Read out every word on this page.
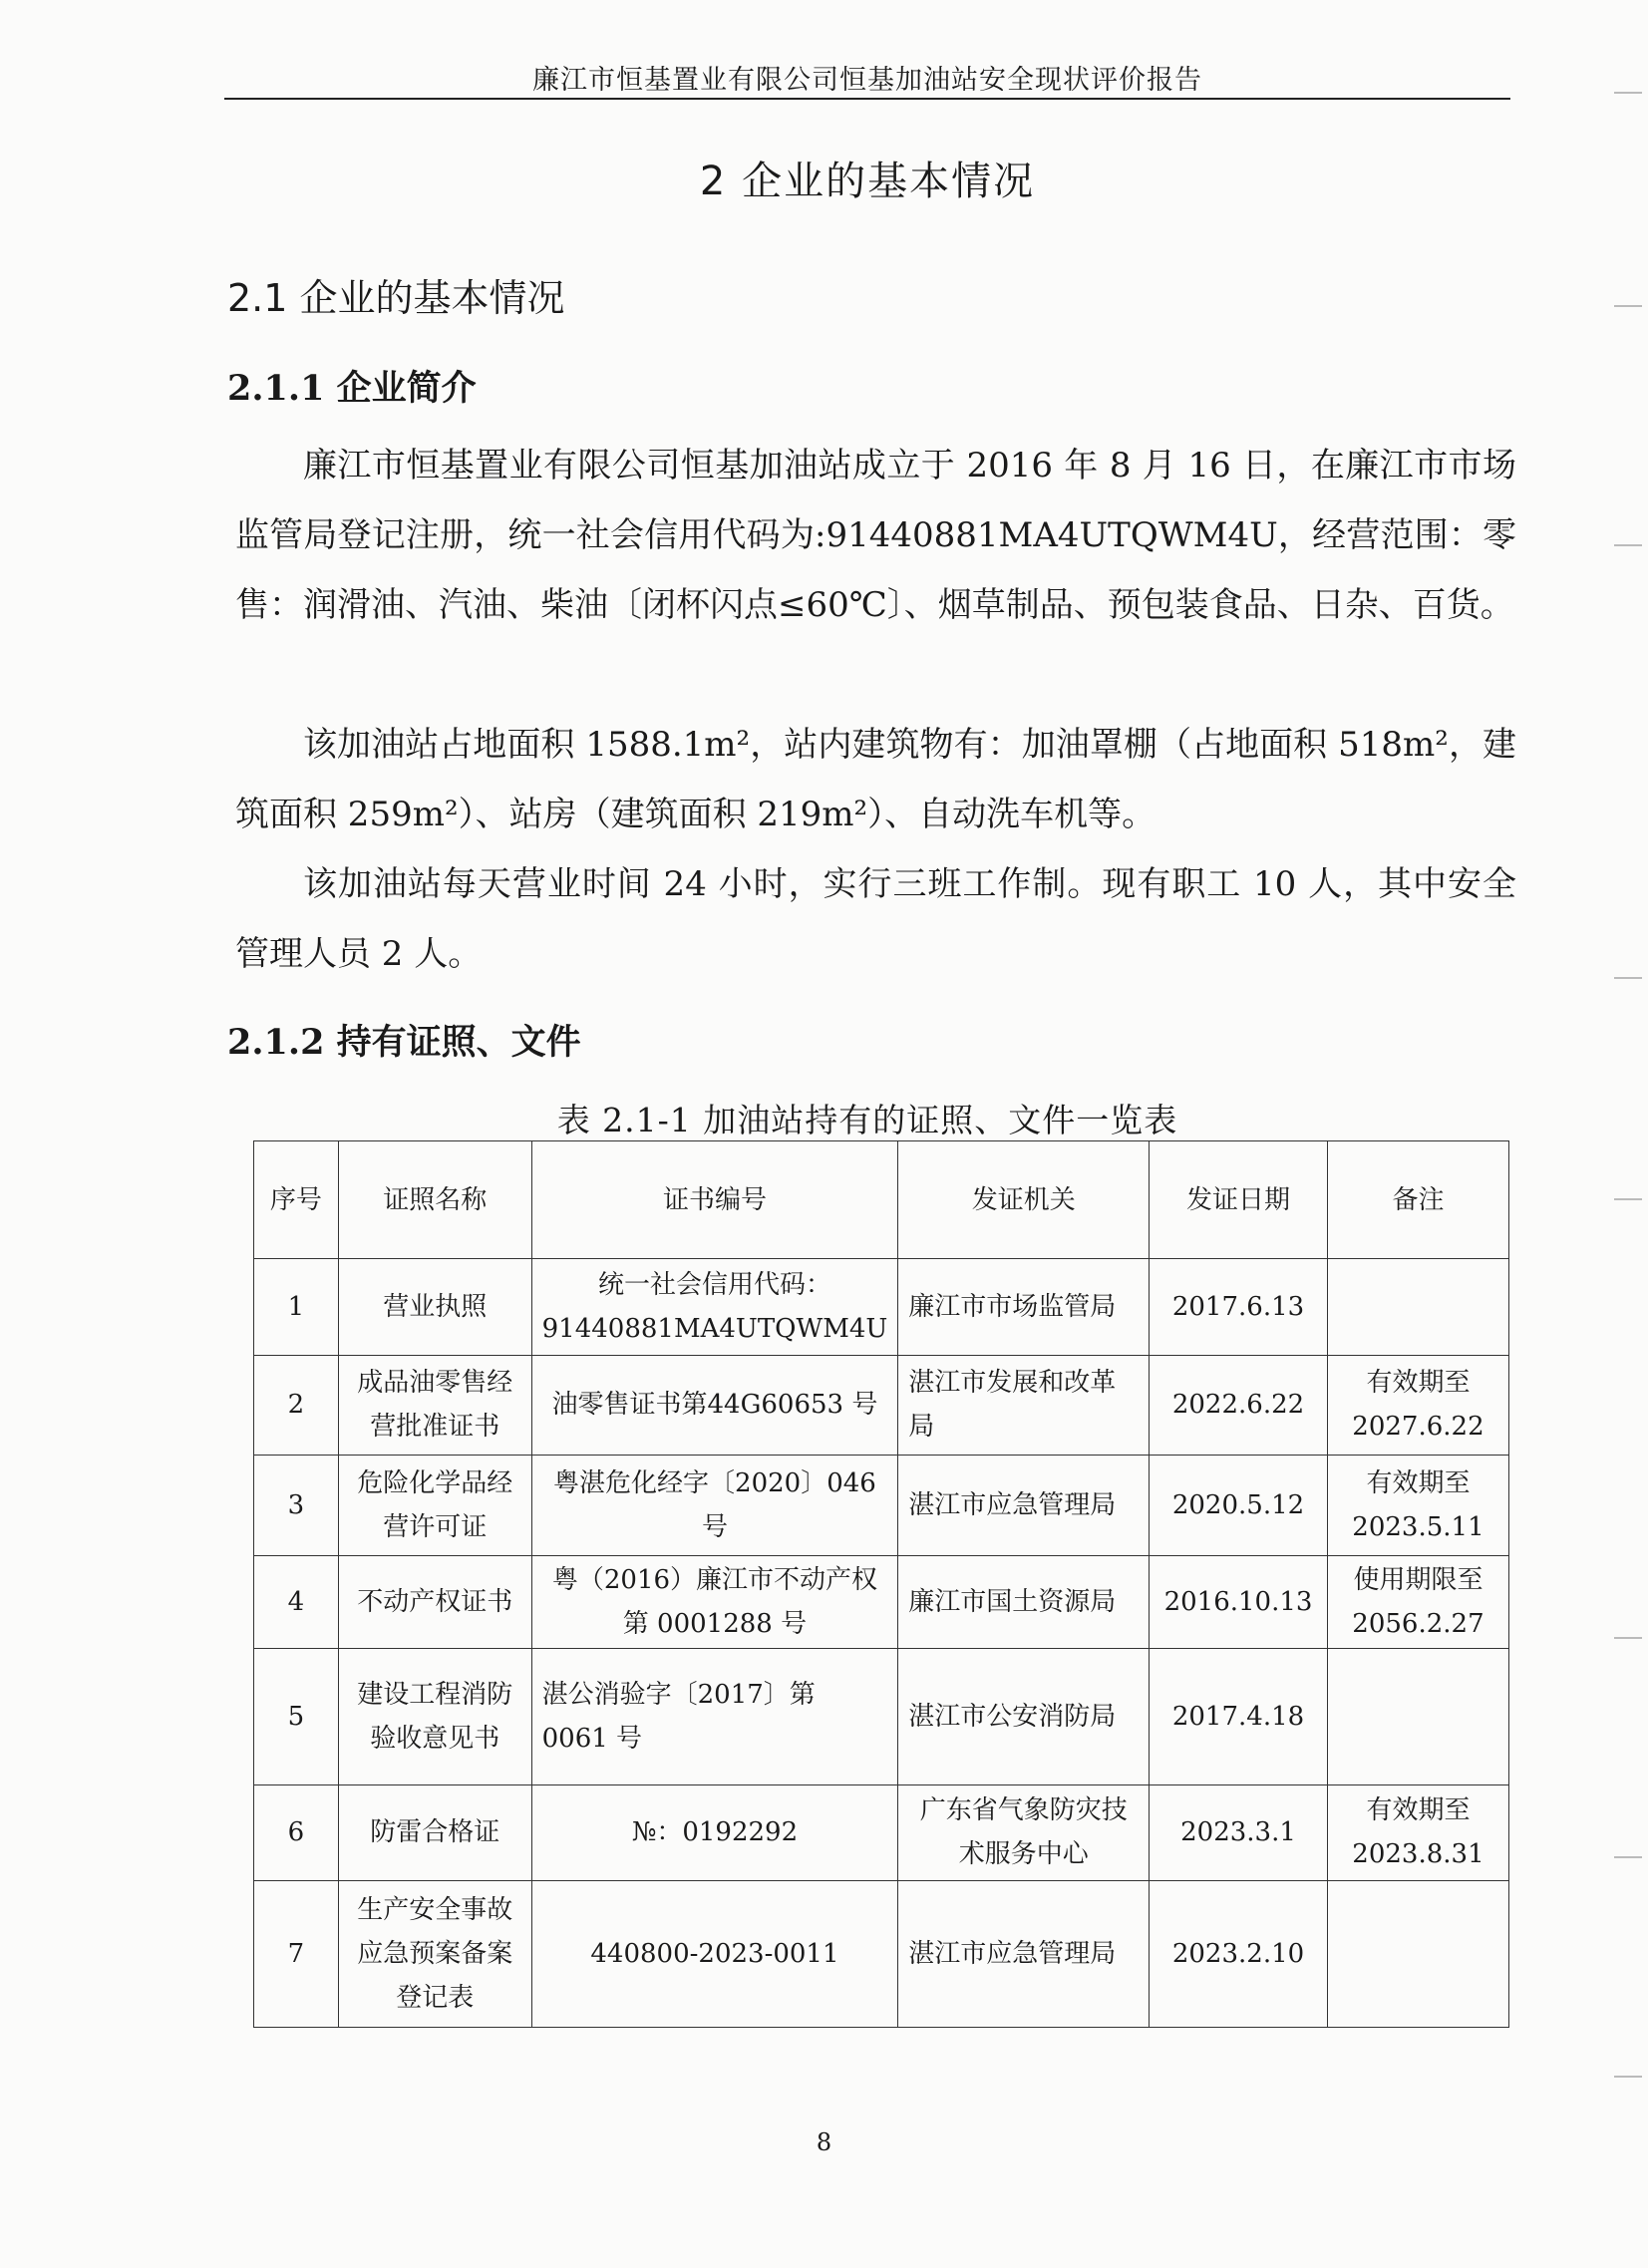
廉江市恒基置业有限公司恒基加油站安全现状评价报告
2 企业的基本情况
2.1 企业的基本情况
2.1.1 企业简介
廉江市恒基置业有限公司恒基加油站成立于 2016 年 8 月 16 日，在廉江市市场监管局登记注册，统一社会信用代码为:91440881MA4UTQWM4U，经营范围：零售：润滑油、汽油、柴油〔闭杯闪点≤60℃〕、烟草制品、预包装食品、日杂、百货。
该加油站占地面积 1588.1m²，站内建筑物有：加油罩棚（占地面积 518m²，建筑面积 259m²）、站房（建筑面积 219m²）、自动洗车机等。
该加油站每天营业时间 24 小时，实行三班工作制。现有职工 10 人，其中安全管理人员 2 人。
2.1.2 持有证照、文件
表 2.1-1 加油站持有的证照、文件一览表
序号	证照名称	证书编号	发证机关	发证日期	备注
1	营业执照	统一社会信用代码：91440881MA4UTQWM4U	廉江市市场监管局	2017.6.13	
2	成品油零售经营批准证书	油零售证书第44G60653 号	湛江市发展和改革局	2022.6.22	有效期至2027.6.22
3	危险化学品经营许可证	粤湛危化经字〔2020〕046 号	湛江市应急管理局	2020.5.12	有效期至2023.5.11
4	不动产权证书	粤（2016）廉江市不动产权第 0001288 号	廉江市国土资源局	2016.10.13	使用期限至2056.2.27
5	建设工程消防验收意见书	湛公消验字〔2017〕第 0061 号	湛江市公安消防局	2017.4.18	
6	防雷合格证	№：0192292	广东省气象防灾技术服务中心	2023.3.1	有效期至2023.8.31
7	生产安全事故应急预案备案登记表	440800-2023-0011	湛江市应急管理局	2023.2.10	
8
